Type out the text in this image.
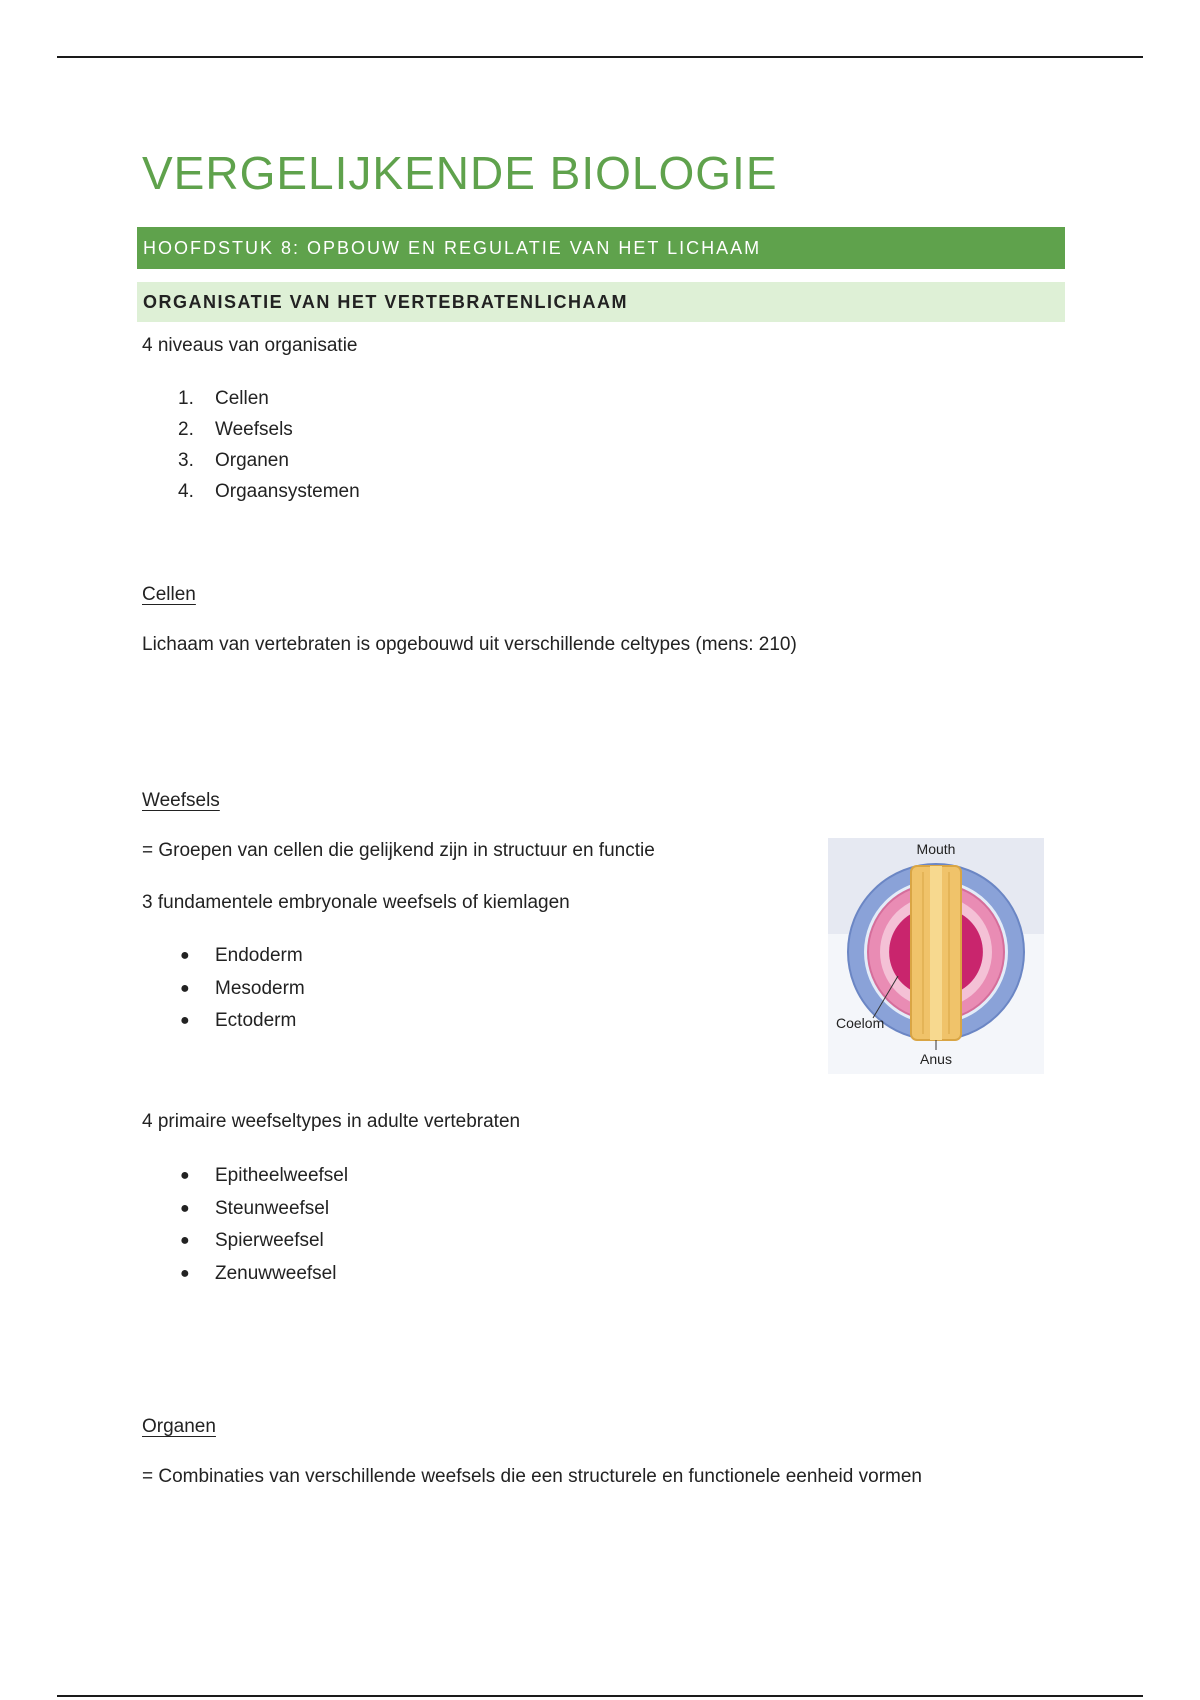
VERGELIJKENDE BIOLOGIE
HOOFDSTUK 8: OPBOUW EN REGULATIE VAN HET LICHAAM
ORGANISATIE VAN HET VERTEBRATENLICHAAM
4 niveaus van organisatie
1. Cellen
2. Weefsels
3. Organen
4. Orgaansystemen
Cellen
Lichaam van vertebraten is opgebouwd uit verschillende celtypes (mens: 210)
Weefsels
= Groepen van cellen die gelijkend zijn in structuur en functie
3 fundamentele embryonale weefsels of kiemlagen
● Endoderm
● Mesoderm
● Ectoderm
Mouth
Coelom
Anus
4 primaire weefseltypes in adulte vertebraten
● Epitheelweefsel
● Steunweefsel
● Spierweefsel
● Zenuwweefsel
Organen
= Combinaties van verschillende weefsels die een structurele en functionele eenheid vormen
